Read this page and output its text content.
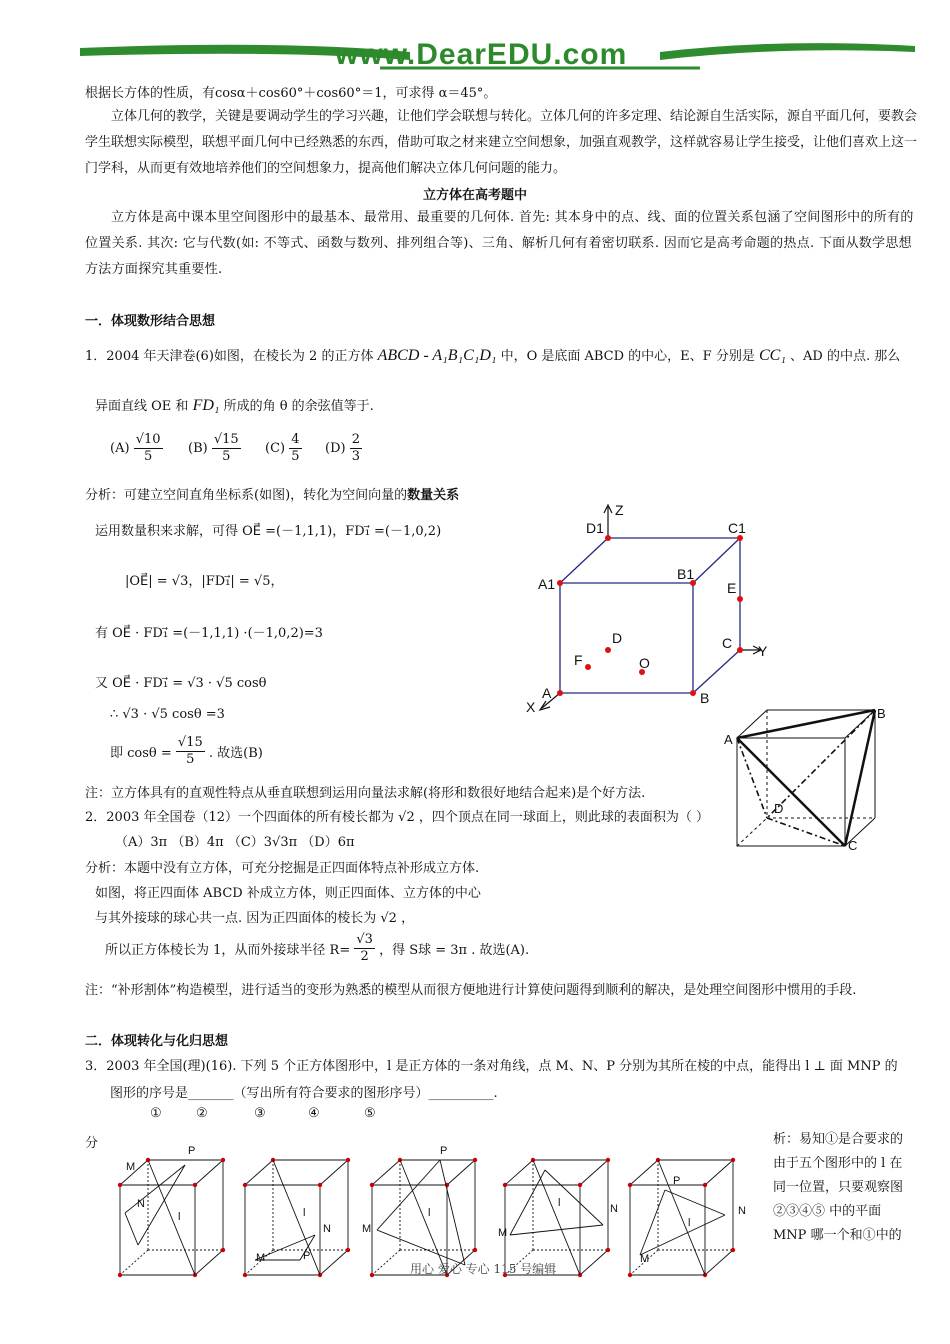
www.DearEDU.com
根据长方体的性质，有cosα＋cos60°＋cos60°＝1，可求得 α＝45°。
立体几何的教学，关键是要调动学生的学习兴趣，让他们学会联想与转化。立体几何的许多定理、结论源自生活实际，源自平面几何，要教会学生联想实际模型，联想平面几何中已经熟悉的东西，借助可取之材来建立空间想象，加强直观教学，这样就容易让学生接受，让他们喜欢上这一门学科，从而更有效地培养他们的空间想象力，提高他们解决立体几何问题的能力。
立方体在高考题中
立方体是高中课本里空间图形中的最基本、最常用、最重要的几何体. 首先: 其本身中的点、线、面的位置关系包涵了空间图形中的所有的位置关系. 其次: 它与代数(如: 不等式、函数与数列、排列组合等)、三角、解析几何有着密切联系. 因而它是高考命题的热点. 下面从数学思想方法方面探究其重要性.
一．体现数形结合思想
1．2004 年天津卷(6)如图，在棱长为 2 的正方体 ABCD - A₁B₁C₁D₁ 中，O 是底面 ABCD 的中心，E、F 分别是 CC₁ 、AD 的中点. 那么
异面直线 OE 和 FD₁ 所成的角 θ 的余弦值等于.
$(A) \frac{√10}{5} (B) \frac{√15}{5} (C) \frac{4}{5} (D) \frac{2}{3}$
分析：可建立空间直角坐标系(如图)，转化为空间向量的数量关系
运用数量积来求解，可得 OE⃗ =(－1,1,1)，FD₁⃗ =(－1,0,2)
|OE⃗| = √3，|FD₁⃗| = √5，
有 OE⃗ · FD₁⃗ =(－1,1,1) ·(－1,0,2)=3
又 OE⃗ · FD₁⃗ = √3 · √5 cosθ
∴ √3 · √5 cosθ =3
即 $\cos\theta = \frac{√15}{5}$ . 故选(B)
注：立方体具有的直观性特点从垂直联想到运用向量法求解(将形和数很好地结合起来)是个好方法.
2．2003 年全国卷（12）一个四面体的所有棱长都为 √2 ，四个顶点在同一球面上，则此球的表面积为（ ）
（A）3π （B）4π （C）3√3π （D）6π
分析：本题中没有立方体，可充分挖掘是正四面体特点补形成立方体.
如图，将正四面体 ABCD 补成立方体，则正四面体、立方体的中心
与其外接球的球心共一点. 因为正四面体的棱长为 √2 ，
所以正方体棱长为 1，从而外接球半径 $R= \frac{√3}{2}$ ，得 S球 = 3π . 故选(A).
注：“补形割体”构造模型，进行适当的变形为熟悉的模型从而很方便地进行计算使问题得到顺利的解决，是处理空间图形中惯用的手段.
二．体现转化与化归思想
3．2003 年全国(理)(16). 下列 5 个正方体图形中，l 是正方体的一条对角线，点 M、N、P 分别为其所在棱的中点，能得出 l ⊥ 面 MNP 的
图形的序号是_______（写出所有符合要求的图形序号）__________.
①	②	③	④	⑤
分	析：易知①是合要求的
由于五个图形中的 l 在
同一位置，只要观察图
②③④⑤ 中的平面
MNP 哪一个和①中的
Z
D1	C1
A1
B1
E
D
F	O
C Y
A	B
X
A
B
D
C
M
P
N
l	l
N
M	P
P
l
M
l	N
M
P
N
l
M
用心 爱心 专心 115 号编辑
